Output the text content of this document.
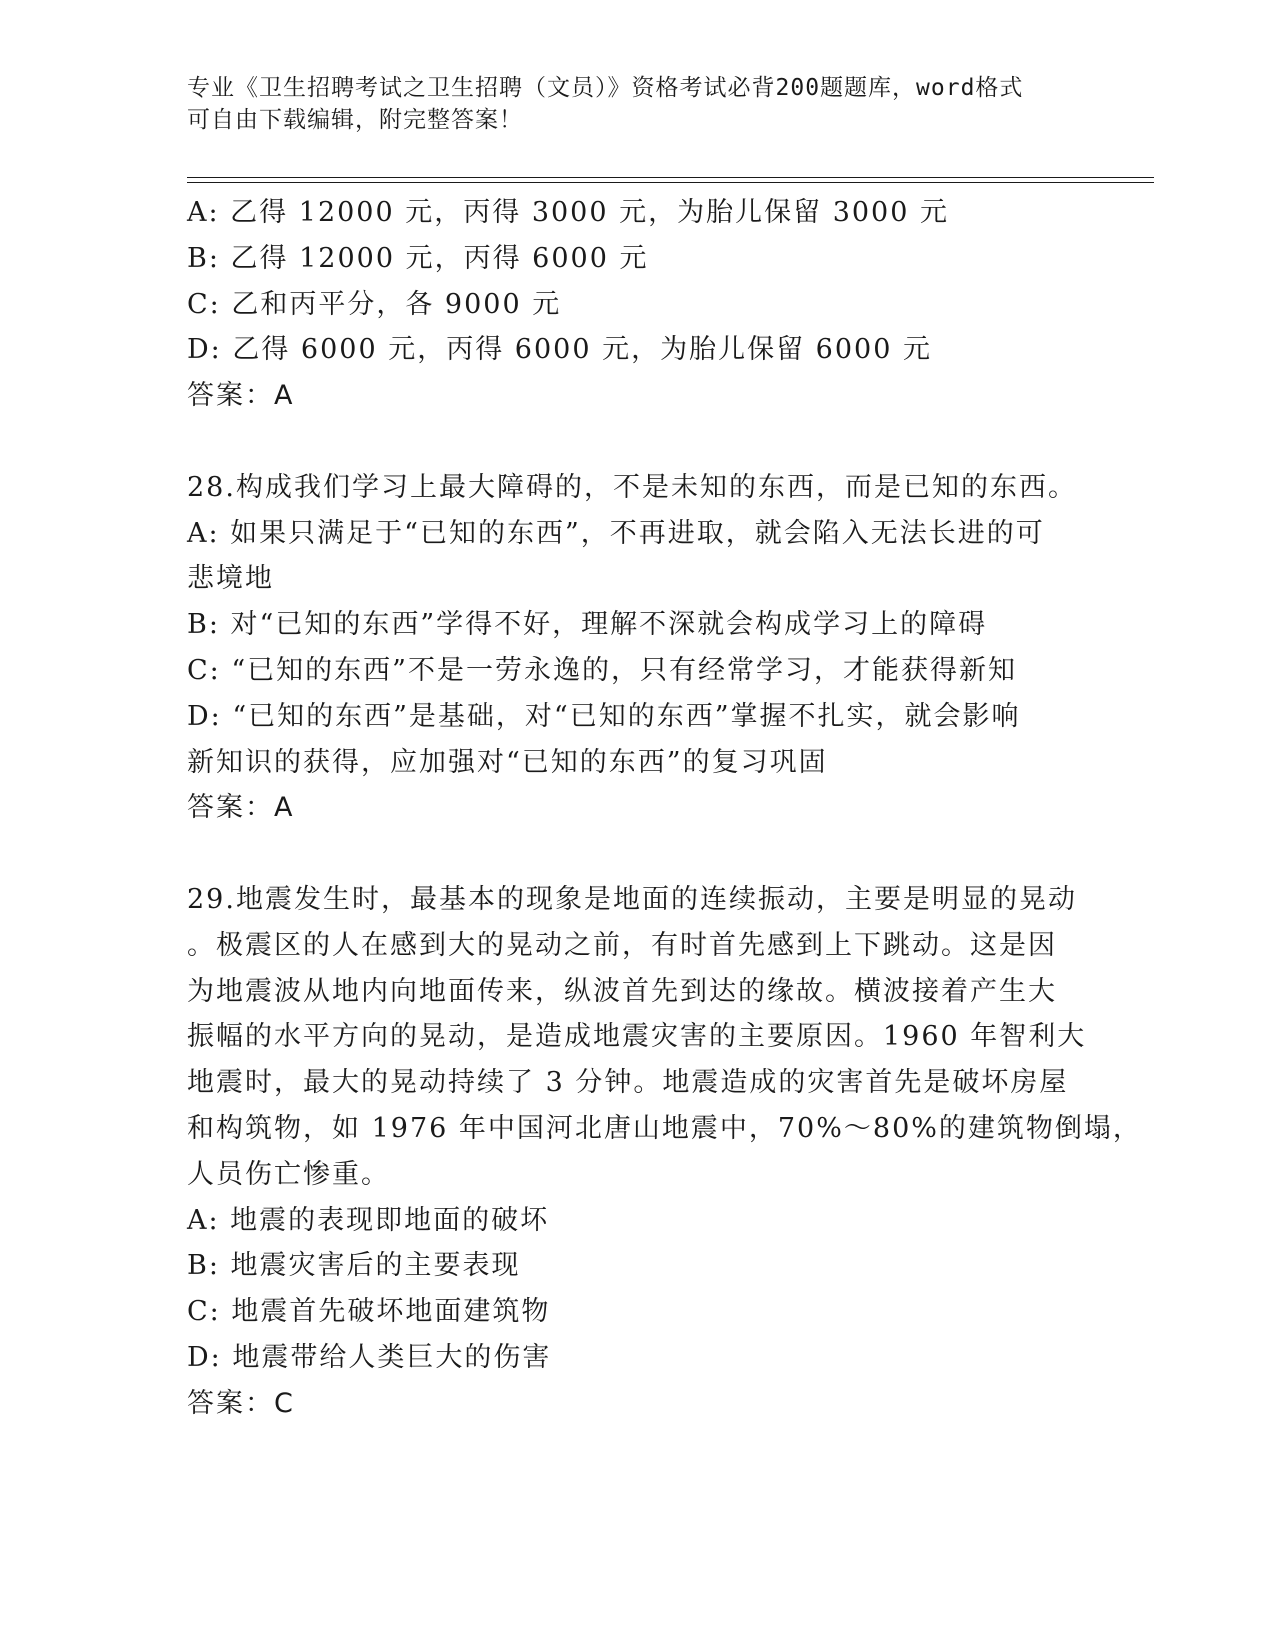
专业《卫生招聘考试之卫生招聘（文员）》资格考试必背200题题库，word格式
可自由下载编辑，附完整答案！
A: 乙得 12000 元，丙得 3000 元，为胎儿保留 3000 元
B: 乙得 12000 元，丙得 6000 元
C: 乙和丙平分，各 9000 元
D: 乙得 6000 元，丙得 6000 元，为胎儿保留 6000 元
答案：A
28.构成我们学习上最大障碍的，不是未知的东西，而是已知的东西。
A: 如果只满足于“已知的东西”，不再进取，就会陷入无法长进的可
悲境地
B: 对“已知的东西”学得不好，理解不深就会构成学习上的障碍
C: “已知的东西”不是一劳永逸的，只有经常学习，才能获得新知
D: “已知的东西”是基础，对“已知的东西”掌握不扎实，就会影响
新知识的获得，应加强对“已知的东西”的复习巩固
答案：A
29.地震发生时，最基本的现象是地面的连续振动，主要是明显的晃动
。极震区的人在感到大的晃动之前，有时首先感到上下跳动。这是因
为地震波从地内向地面传来，纵波首先到达的缘故。横波接着产生大
振幅的水平方向的晃动，是造成地震灾害的主要原因。1960 年智利大
地震时，最大的晃动持续了 3 分钟。地震造成的灾害首先是破坏房屋
和构筑物，如 1976 年中国河北唐山地震中，70%～80%的建筑物倒塌，
人员伤亡惨重。
A: 地震的表现即地面的破坏
B: 地震灾害后的主要表现
C: 地震首先破坏地面建筑物
D: 地震带给人类巨大的伤害
答案：C
